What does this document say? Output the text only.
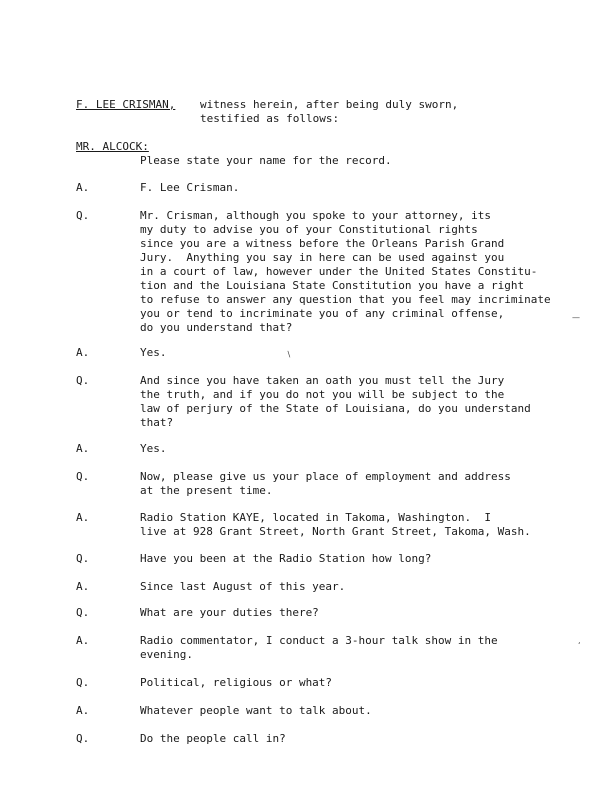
F. LEE CRISMAN, witness herein, after being duly sworn,
testified as follows:
MR. ALCOCK:
Please state your name for the record.
A.	F. Lee Crisman.
Q.	Mr. Crisman, although you spoke to your attorney, its
my duty to advise you of your Constitutional rights
since you are a witness before the Orleans Parish Grand
Jury.  Anything you say in here can be used against you
in a court of law, however under the United States Constitu-
tion and the Louisiana State Constitution you have a right
to refuse to answer any question that you feel may incriminate
you or tend to incriminate you of any criminal offense,
do you understand that?
A.	Yes.
Q.	And since you have taken an oath you must tell the Jury
the truth, and if you do not you will be subject to the
law of perjury of the State of Louisiana, do you understand
that?
A.	Yes.
Q.	Now, please give us your place of employment and address
at the present time.
A.	Radio Station KAYE, located in Takoma, Washington.  I
live at 928 Grant Street, North Grant Street, Takoma, Wash.
Q.	Have you been at the Radio Station how long?
A.	Since last August of this year.
Q.	What are your duties there?
A.	Radio commentator, I conduct a 3-hour talk show in the
evening.
Q.	Political, religious or what?
A.	Whatever people want to talk about.
Q.	Do the people call in?
∖
‘
—
